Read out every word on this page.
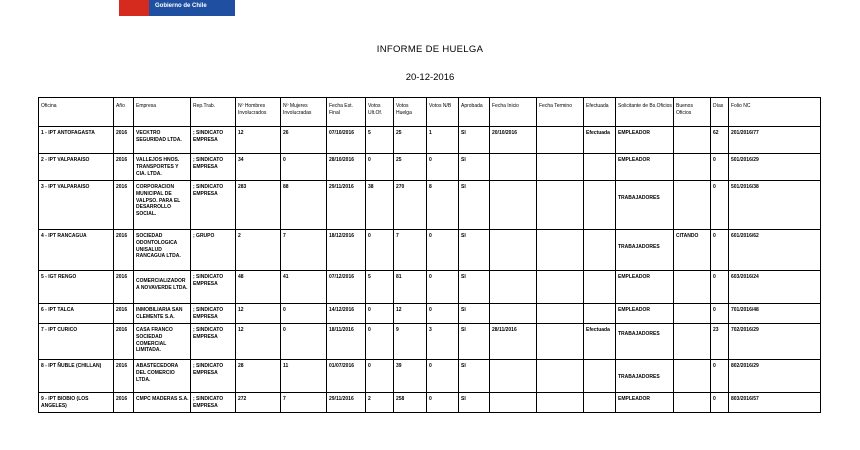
Gobierno de Chile
INFORME DE HUELGA
20-12-2016
Oficina	Año	Empresa	Rep.Trab.	Nº Hombres Involucrados	Nº Mujeres Involucradas	Fecha Est. Final	Votos Ult.Of.	Votos Huelga	Votos N/B	Aprobada	Fecha Inicio	Fecha Termino	Efectuada	Solicitante de Bs.Oficios	Buenos Oficios	Días	Folio NC
1 - IPT ANTOFAGASTA	2016	VECKTRO SEGURIDAD LTDA.	; SINDICATO EMPRESA	12	26	07/10/2016	5	25	1	SI	20/10/2016		Efectuada	EMPLEADOR		62	201/2016/77
2 - IPT VALPARAISO	2016	VALLEJOS HNOS. TRANSPORTES Y CIA. LTDA.	; SINDICATO EMPRESA	34	0	28/10/2016	0	25	0	SI				EMPLEADOR		0	501/2016/29
3 - IPT VALPARAISO	2016	CORPORACION MUNICIPAL DE VALPSO. PARA EL DESARROLLO SOCIAL.	; SINDICATO EMPRESA	283	88	29/11/2016	38	270	8	SI				TRABAJADORES		0	501/2016/38
4 - IPT RANCAGUA	2016	SOCIEDAD ODONTOLOGICA UNISALUD RANCAGUA LTDA.	; GRUPO	2	7	18/12/2016	0	7	0	SI				TRABAJADORES	CITANDO	0	601/2016/62
5 - IGT RENGO	2016	COMERCIALIZADORA NOVAVERDE LTDA.	; SINDICATO EMPRESA	48	41	07/12/2016	5	81	0	SI				EMPLEADOR		0	603/2016/24
6 - IPT TALCA	2016	INMOBILIARIA SAN CLEMENTE S.A.	; SINDICATO EMPRESA	12	0	14/12/2016	0	12	0	SI				EMPLEADOR		0	701/2016/48
7 - IPT CURICO	2016	CASA FRANCO SOCIEDAD COMERCIAL LIMITADA.	; SINDICATO EMPRESA	12	0	18/11/2016	0	9	3	SI	28/11/2016		Efectuada	TRABAJADORES		23	702/2016/29
8 - IPT ÑUBLE (CHILLAN)	2016	ABASTECEDORA DEL COMERCIO LTDA.	; SINDICATO EMPRESA	28	11	01/07/2016	0	39	0	SI				TRABAJADORES		0	802/2016/29
9 - IPT BIOBIO (LOS ANGELES)	2016	CMPC MADERAS S.A.	; SINDICATO EMPRESA	272	7	29/11/2016	2	258	0	SI				EMPLEADOR		0	803/2016/57
